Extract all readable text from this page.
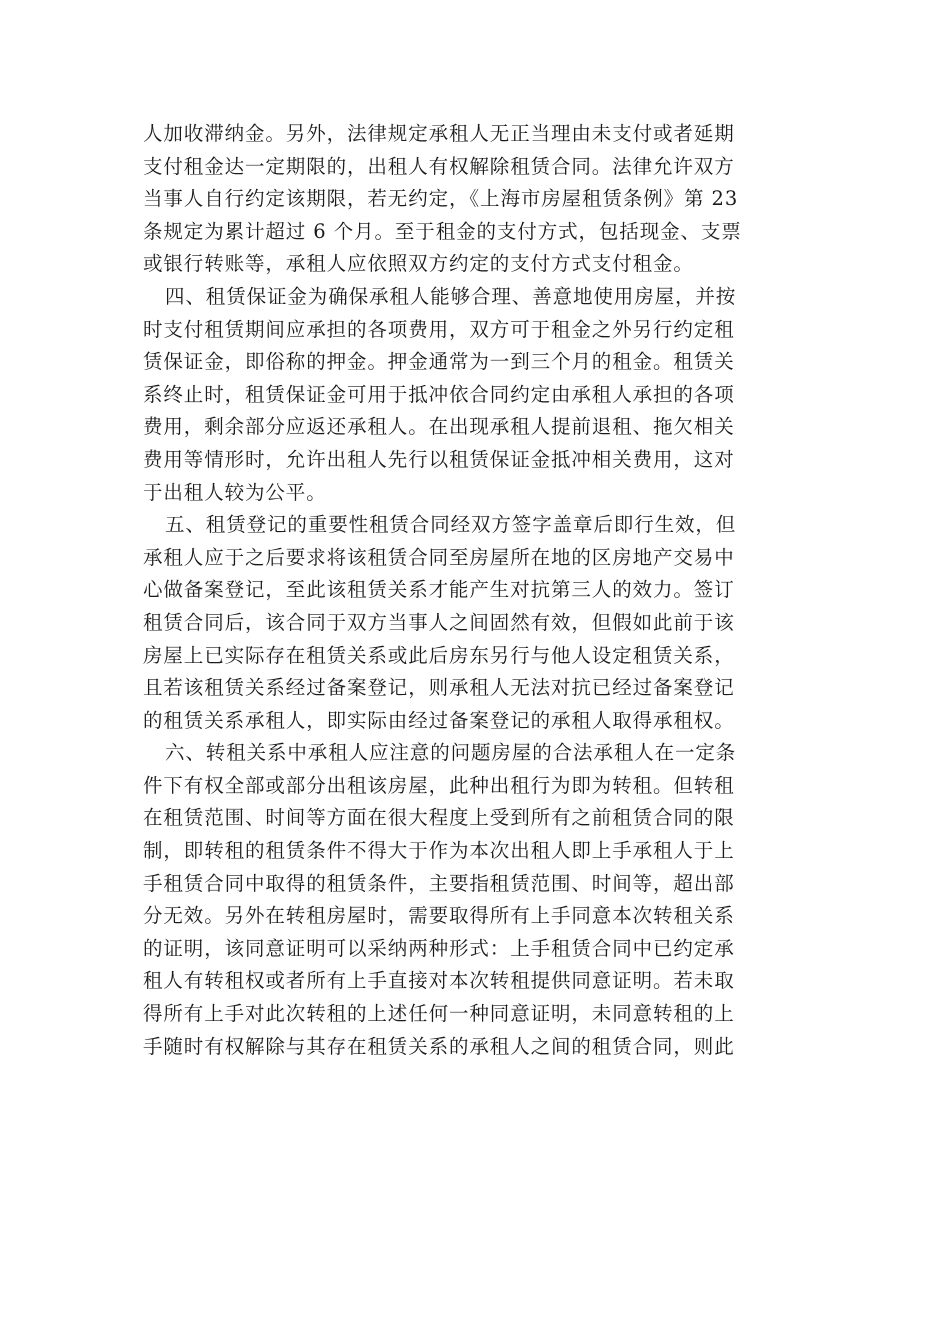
人加收滞纳金。另外，法律规定承租人无正当理由未支付或者延期
支付租金达一定期限的，出租人有权解除租赁合同。法律允许双方
当事人自行约定该期限，若无约定，《上海市房屋租赁条例》第 23
条规定为累计超过 6 个月。至于租金的支付方式，包括现金、支票
或银行转账等，承租人应依照双方约定的支付方式支付租金。
四、租赁保证金为确保承租人能够合理、善意地使用房屋，并按
时支付租赁期间应承担的各项费用，双方可于租金之外另行约定租
赁保证金，即俗称的押金。押金通常为一到三个月的租金。租赁关
系终止时，租赁保证金可用于抵冲依合同约定由承租人承担的各项
费用，剩余部分应返还承租人。在出现承租人提前退租、拖欠相关
费用等情形时，允许出租人先行以租赁保证金抵冲相关费用，这对
于出租人较为公平。
五、租赁登记的重要性租赁合同经双方签字盖章后即行生效，但
承租人应于之后要求将该租赁合同至房屋所在地的区房地产交易中
心做备案登记，至此该租赁关系才能产生对抗第三人的效力。签订
租赁合同后，该合同于双方当事人之间固然有效，但假如此前于该
房屋上已实际存在租赁关系或此后房东另行与他人设定租赁关系，
且若该租赁关系经过备案登记，则承租人无法对抗已经过备案登记
的租赁关系承租人，即实际由经过备案登记的承租人取得承租权。
六、转租关系中承租人应注意的问题房屋的合法承租人在一定条
件下有权全部或部分出租该房屋，此种出租行为即为转租。但转租
在租赁范围、时间等方面在很大程度上受到所有之前租赁合同的限
制，即转租的租赁条件不得大于作为本次出租人即上手承租人于上
手租赁合同中取得的租赁条件，主要指租赁范围、时间等，超出部
分无效。另外在转租房屋时，需要取得所有上手同意本次转租关系
的证明，该同意证明可以采纳两种形式：上手租赁合同中已约定承
租人有转租权或者所有上手直接对本次转租提供同意证明。若未取
得所有上手对此次转租的上述任何一种同意证明，未同意转租的上
手随时有权解除与其存在租赁关系的承租人之间的租赁合同，则此
